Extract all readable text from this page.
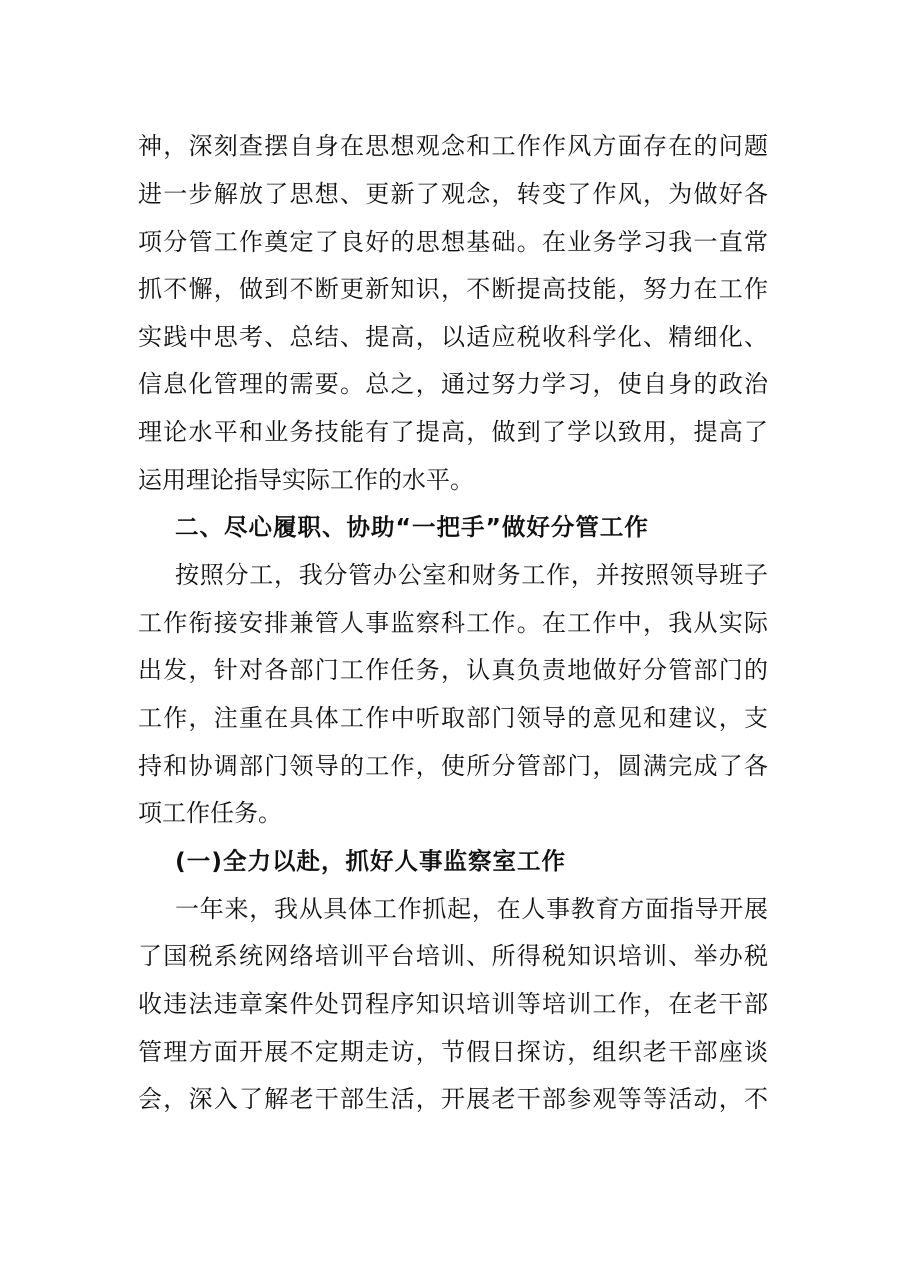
神，深刻查摆自身在思想观念和工作作风方面存在的问题
进一步解放了思想、更新了观念，转变了作风，为做好各
项分管工作奠定了良好的思想基础。在业务学习我一直常
抓不懈，做到不断更新知识，不断提高技能，努力在工作
实践中思考、总结、提高，以适应税收科学化、精细化、
信息化管理的需要。总之，通过努力学习，使自身的政治
理论水平和业务技能有了提高，做到了学以致用，提高了
运用理论指导实际工作的水平。
二、尽心履职、协助“一把手”做好分管工作
按照分工，我分管办公室和财务工作，并按照领导班子
工作衔接安排兼管人事监察科工作。在工作中，我从实际
出发，针对各部门工作任务，认真负责地做好分管部门的
工作，注重在具体工作中听取部门领导的意见和建议，支
持和协调部门领导的工作，使所分管部门，圆满完成了各
项工作任务。
(一)全力以赴，抓好人事监察室工作
一年来，我从具体工作抓起，在人事教育方面指导开展
了国税系统网络培训平台培训、所得税知识培训、举办税
收违法违章案件处罚程序知识培训等培训工作，在老干部
管理方面开展不定期走访，节假日探访，组织老干部座谈
会，深入了解老干部生活，开展老干部参观等等活动，不
